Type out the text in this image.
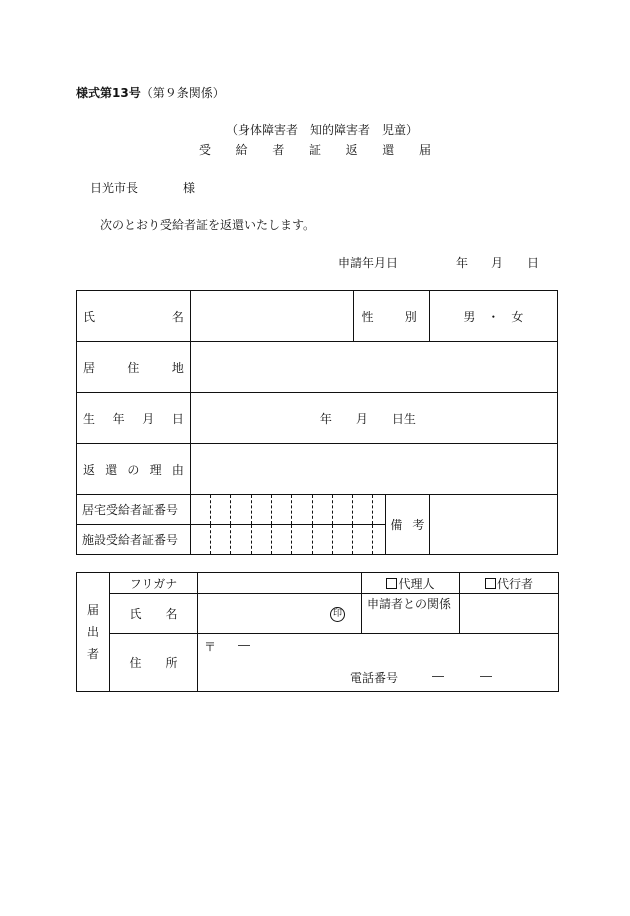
様式第13号（第９条関係）
（身体障害者　知的障害者　児童）
受 給 者 証 返 還 届
日光市長	様
次のとおり受給者証を返還いたします。
申請年月日	年 月 日
氏 名		性 別		男　・　女

居 住 地				

生 年 月 日	年　　月　　日生			

返 還 の 理 由				

居宅受給者証番号			備 考	
施設受給者証番号				
届
出
者	フリガナ		代理人	代行者
	氏 名	印	申請者との関係	
	住 所	〒 ―
電話番号 ― ―		
